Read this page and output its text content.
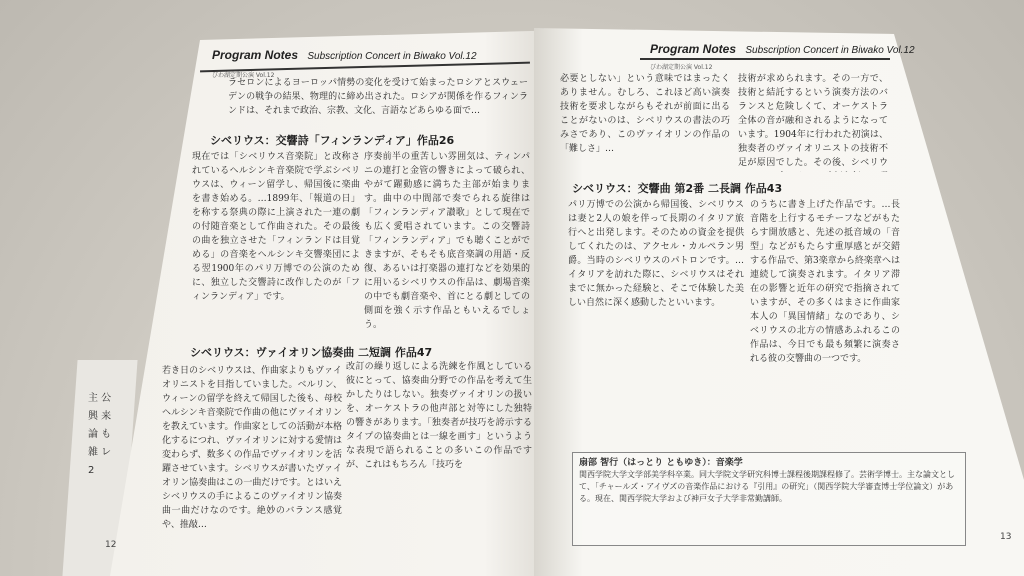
主 公 興 来 論 も 雑 レ 2
Program Notes Subscription Concert in Biwako Vol.12
びわ湖定期公演 Vol.12

ラセロンによるヨーロッパ情勢の変化を受けて始まったロシアとスウェーデンの戦争の結果、物理的に締め出された。ロシアが関係を作るフィンランドは、それまで政治、宗教、文化、言語などあらゆる面で…

シベリウス：交響詩「フィンランディア」作品26

現在では「シベリウス音楽院」と改称されているヘルシンキ音楽院で学ぶシベリウスは、ウィーン留学し、帰国後に楽曲を書き始める。…1899年、「報道の日」を称する祭典の際に上演された一連の劇の付随音楽として作曲された。その最後の曲を独立させた「フィンランドは目覚める」の音楽をヘルシンキ交響楽団による翌1900年のパリ万博での公演のために、独立した交響詩に改作したのが「フィンランディア」です。

序奏前半の重苦しい雰囲気は、ティンパニの連打と金管の響きによって破られ、やがて躍動感に満ちた主部が始まります。曲中の中間部で奏でられる旋律は「フィンランディア讃歌」として現在でも広く愛唱されています。この交響詩「フィンランディア」でも聴くことができますが、そもそも底音楽調の用語・反復、あるいは打楽器の連打などを効果的に用いるシベリウスの作品は、劇場音楽の中でも劇音楽や、首にとる劇としての側面を強く示す作品ともいえるでしょう。

シベリウス：ヴァイオリン協奏曲 二短調 作品47

若き日のシベリウスは、作曲家よりもヴァイオリニストを目指していました。ベルリン、ウィーンの留学を終えて帰国した後も、母校ヘルシンキ音楽院で作曲の他にヴァイオリンを教えています。作曲家としての活動が本格化するにつれ、ヴァイオリンに対する愛情は変わらず、数多くの作品でヴァイオリンを活躍させています。シベリウスが書いたヴァイオリン協奏曲はこの一曲だけです。とはいえシベリウスの手によるこのヴァイオリン協奏曲一曲だけなのです。絶妙のバランス感覚や、推敲…

改訂の繰り返しによる洗練を作風としている彼にとって、協奏曲分野での作品を考えて生かしたりはしない。独奏ヴァイオリンの扱いを、オーケストラの他声部と対等にした独特の響きがあります。「独奏者が技巧を誇示するタイプの協奏曲とは一線を画す」というような表現で語られることの多いこの作品ですが、これはもちろん「技巧を

12
Program Notes Subscription Concert in Biwako Vol.12
びわ湖定期公演 Vol.12

必要としない」という意味ではまったくありません。むしろ、これほど高い演奏技術を要求しながらもそれが前面に出ることがないのは、シベリウスの書法の巧みさであり、このヴァイオリンの作品の「難しさ」…

技術が求められます。その一方で、技術と結託するという演奏方法のバランスと危険しくて、オーケストラ全体の音が融和されるようになっています。1904年に行われた初演は、独奏者のヴァイオリニストの技術不足が原因でした。その後、シベリウ

シベリウス：交響曲 第2番 二長調 作品43

パリ万博での公演から帰国後、シベリウスは妻と2人の娘を伴って長期のイタリア旅行へと出発します。そのための資金を提供してくれたのは、アクセル・カルペラン男爵。当時のシベリウスのパトロンです。…イタリアを訪れた際に、シベリウスはそれまでに無かった経験と、そこで体験した美しい自然に深く感動したといいます。

のうちに書き上げた作品です。…長音階を上行するモチーフなどがもたらす開放感と、先述の抵音域の「音型」などがもたらす重厚感とが交錯する作品で、第3楽章から終楽章へは連続して演奏されます。イタリア滞在の影響と近年の研究で指摘されていますが、その多くはまさに作曲家本人の「異国情緒」なのであり、シベリウスの北方の情感あふれるこの作品は、今日でも最も頻繁に演奏される彼の交響曲の一つです。

扇部 智行（はっとり ともゆき）：音楽学
関西学院大学文学部美学科卒業。同大学院文学研究科博士課程後期課程修了。芸術学博士。主な論文として、「チャールズ・アイヴズの音楽作品における『引用』の研究」（関西学院大学審査博士学位論文）がある。現在、関西学院大学および神戸女子大学非常勤講師。
13
